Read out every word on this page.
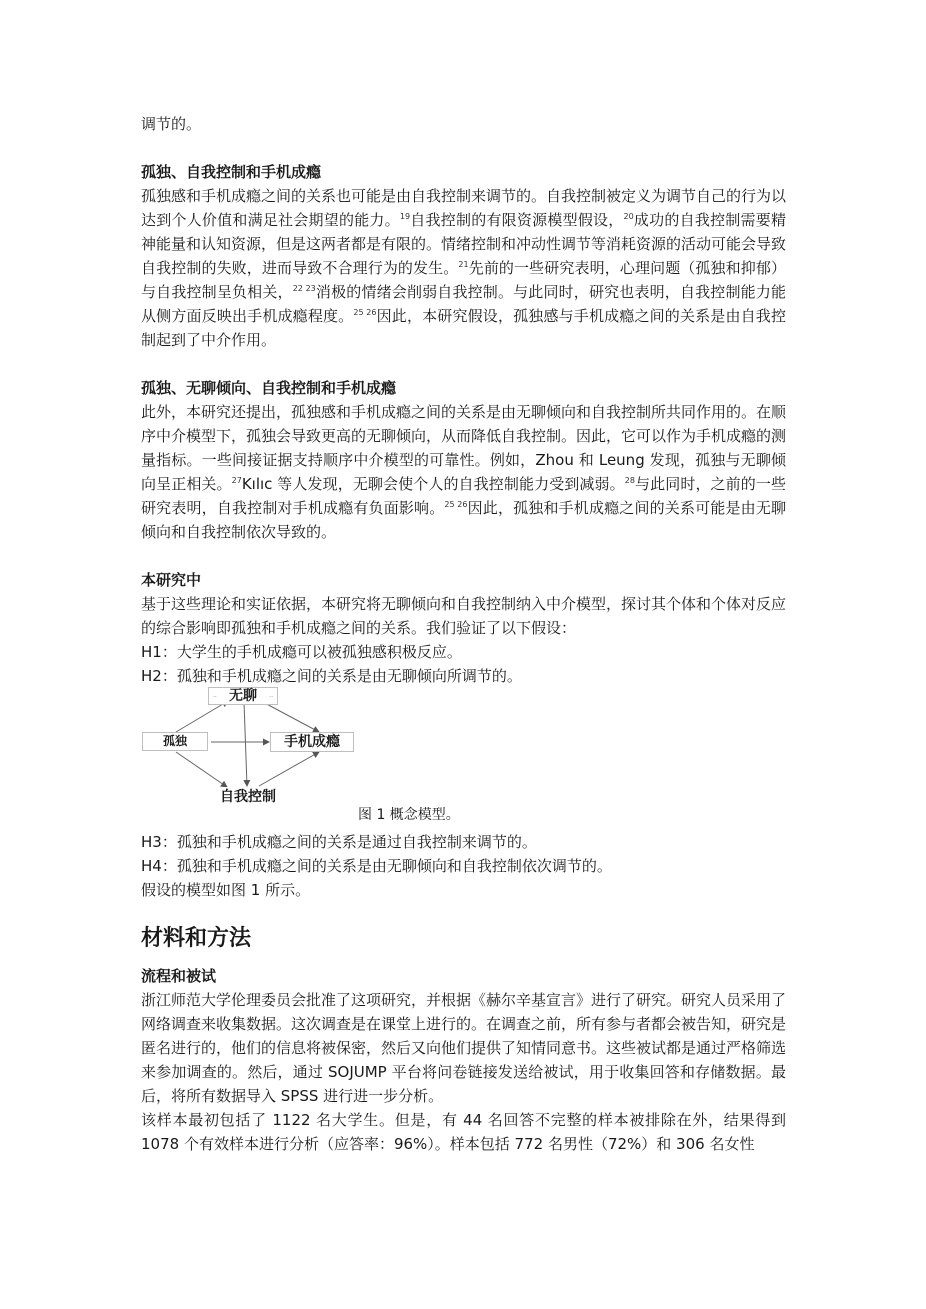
调节的。

孤独、自我控制和手机成瘾

孤独感和手机成瘾之间的关系也可能是由自我控制来调节的。自我控制被定义为调节自己的行为以达到个人价值和满足社会期望的能力。$^{19}$自我控制的有限资源模型假设，$^{20}$成功的自我控制需要精神能量和认知资源，但是这两者都是有限的。情绪控制和冲动性调节等消耗资源的活动可能会导致自我控制的失败，进而导致不合理行为的发生。$^{21}$先前的一些研究表明，心理问题（孤独和抑郁）与自我控制呈负相关，$^{22 23}$消极的情绪会削弱自我控制。与此同时，研究也表明，自我控制能力能从侧方面反映出手机成瘾程度。$^{25 26}$因此，本研究假设，孤独感与手机成瘾之间的关系是由自我控制起到了中介作用。

孤独、无聊倾向、自我控制和手机成瘾

此外，本研究还提出，孤独感和手机成瘾之间的关系是由无聊倾向和自我控制所共同作用的。在顺序中介模型下，孤独会导致更高的无聊倾向，从而降低自我控制。因此，它可以作为手机成瘾的测量指标。一些间接证据支持顺序中介模型的可靠性。例如，Zhou 和 Leung 发现，孤独与无聊倾向呈正相关。$^{27}$Kılıc 等人发现，无聊会使个人的自我控制能力受到减弱。$^{28}$与此同时，之前的一些研究表明，自我控制对手机成瘾有负面影响。$^{25 26}$因此，孤独和手机成瘾之间的关系可能是由无聊倾向和自我控制依次导致的。

本研究中

基于这些理论和实证依据，本研究将无聊倾向和自我控制纳入中介模型，探讨其个体和个体对反应的综合影响即孤独和手机成瘾之间的关系。我们验证了以下假设：

H1：大学生的手机成瘾可以被孤独感积极反应。

H2：孤独和手机成瘾之间的关系是由无聊倾向所调节的。

·· 无聊 ··
孤独	手机成瘾
自我控制
图 1 概念模型。

H3：孤独和手机成瘾之间的关系是通过自我控制来调节的。

H4：孤独和手机成瘾之间的关系是由无聊倾向和自我控制依次调节的。

假设的模型如图 1 所示。

材料和方法
流程和被试

浙江师范大学伦理委员会批准了这项研究，并根据《赫尔辛基宣言》进行了研究。研究人员采用了网络调查来收集数据。这次调查是在课堂上进行的。在调查之前，所有参与者都会被告知，研究是匿名进行的，他们的信息将被保密，然后又向他们提供了知情同意书。这些被试都是通过严格筛选来参加调查的。然后，通过 SOJUMP 平台将问卷链接发送给被试，用于收集回答和存储数据。最后，将所有数据导入 SPSS 进行进一步分析。

该样本最初包括了 1122 名大学生。但是，有 44 名回答不完整的样本被排除在外，结果得到 1078 个有效样本进行分析（应答率：96%）。样本包括 772 名男性（72%）和 306 名女性
